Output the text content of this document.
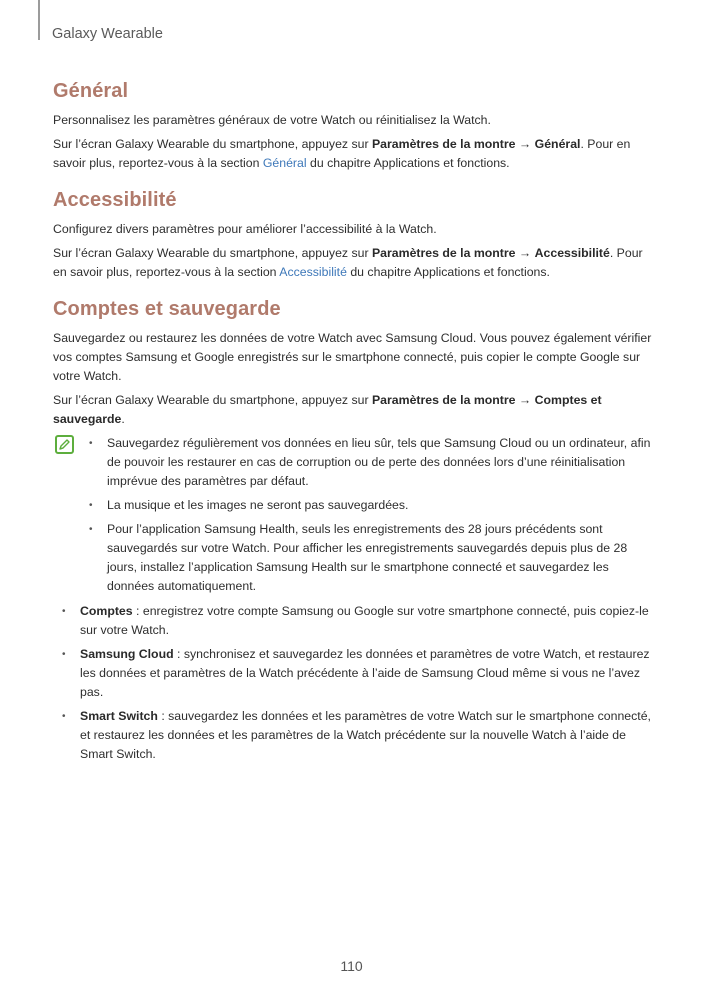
Galaxy Wearable
Général

Personnalisez les paramètres généraux de votre Watch ou réinitialisez la Watch.

Sur l’écran Galaxy Wearable du smartphone, appuyez sur Paramètres de la montre → Général. Pour en savoir plus, reportez-vous à la section Général du chapitre Applications et fonctions.

Accessibilité

Configurez divers paramètres pour améliorer l’accessibilité à la Watch.

Sur l’écran Galaxy Wearable du smartphone, appuyez sur Paramètres de la montre → Accessibilité. Pour en savoir plus, reportez-vous à la section Accessibilité du chapitre Applications et fonctions.

Comptes et sauvegarde

Sauvegardez ou restaurez les données de votre Watch avec Samsung Cloud. Vous pouvez également vérifier vos comptes Samsung et Google enregistrés sur le smartphone connecté, puis copier le compte Google sur votre Watch.

Sur l’écran Galaxy Wearable du smartphone, appuyez sur Paramètres de la montre → Comptes et sauvegarde.

• Sauvegardez régulièrement vos données en lieu sûr, tels que Samsung Cloud ou un ordinateur, afin de pouvoir les restaurer en cas de corruption ou de perte des données lors d’une réinitialisation imprévue des paramètres par défaut.
• La musique et les images ne seront pas sauvegardées.
• Pour l’application Samsung Health, seuls les enregistrements des 28 jours précédents sont sauvegardés sur votre Watch. Pour afficher les enregistrements sauvegardés depuis plus de 28 jours, installez l’application Samsung Health sur le smartphone connecté et sauvegardez les données automatiquement.
• Comptes : enregistrez votre compte Samsung ou Google sur votre smartphone connecté, puis copiez-le sur votre Watch.
• Samsung Cloud : synchronisez et sauvegardez les données et paramètres de votre Watch, et restaurez les données et paramètres de la Watch précédente à l’aide de Samsung Cloud même si vous ne l’avez pas.
• Smart Switch : sauvegardez les données et les paramètres de votre Watch sur le smartphone connecté, et restaurez les données et les paramètres de la Watch précédente sur la nouvelle Watch à l’aide de Smart Switch.
110
